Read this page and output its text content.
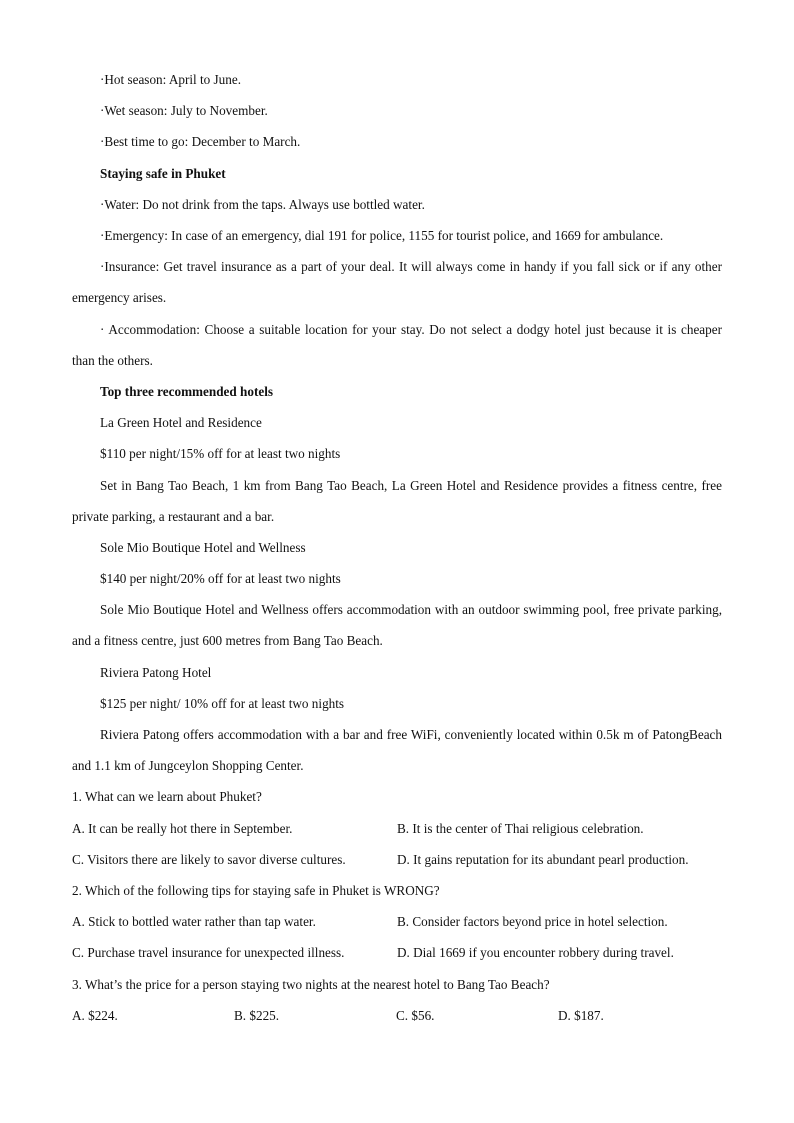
·Hot season: April to June.
·Wet season: July to November.
·Best time to go: December to March.
Staying safe in Phuket
·Water: Do not drink from the taps. Always use bottled water.
·Emergency: In case of an emergency, dial 191 for police, 1155 for tourist police, and 1669 for ambulance.
·Insurance: Get travel insurance as a part of your deal. It will always come in handy if you fall sick or if any other emergency arises.
· Accommodation: Choose a suitable location for your stay. Do not select a dodgy hotel just because it is cheaper than the others.
Top three recommended hotels
La Green Hotel and Residence
$110 per night/15% off for at least two nights
Set in Bang Tao Beach, 1 km from Bang Tao Beach, La Green Hotel and Residence provides a fitness centre, free private parking, a restaurant and a bar.
Sole Mio Boutique Hotel and Wellness
$140 per night/20% off for at least two nights
Sole Mio Boutique Hotel and Wellness offers accommodation with an outdoor swimming pool, free private parking, and a fitness centre, just 600 metres from Bang Tao Beach.
Riviera Patong Hotel
$125 per night/ 10% off for at least two nights
Riviera Patong offers accommodation with a bar and free WiFi, conveniently located within 0.5k m of PatongBeach and 1.1 km of Jungceylon Shopping Center.
1. What can we learn about Phuket?
A. It can be really hot there in September.	B. It is the center of Thai religious celebration.
C. Visitors there are likely to savor diverse cultures.	D. It gains reputation for its abundant pearl production.
2. Which of the following tips for staying safe in Phuket is WRONG?
A. Stick to bottled water rather than tap water.	B. Consider factors beyond price in hotel selection.
C. Purchase travel insurance for unexpected illness.	D. Dial 1669 if you encounter robbery during travel.
3. What’s the price for a person staying two nights at the nearest hotel to Bang Tao Beach?
A. $224.	B. $225.	C. $56.	D. $187.
